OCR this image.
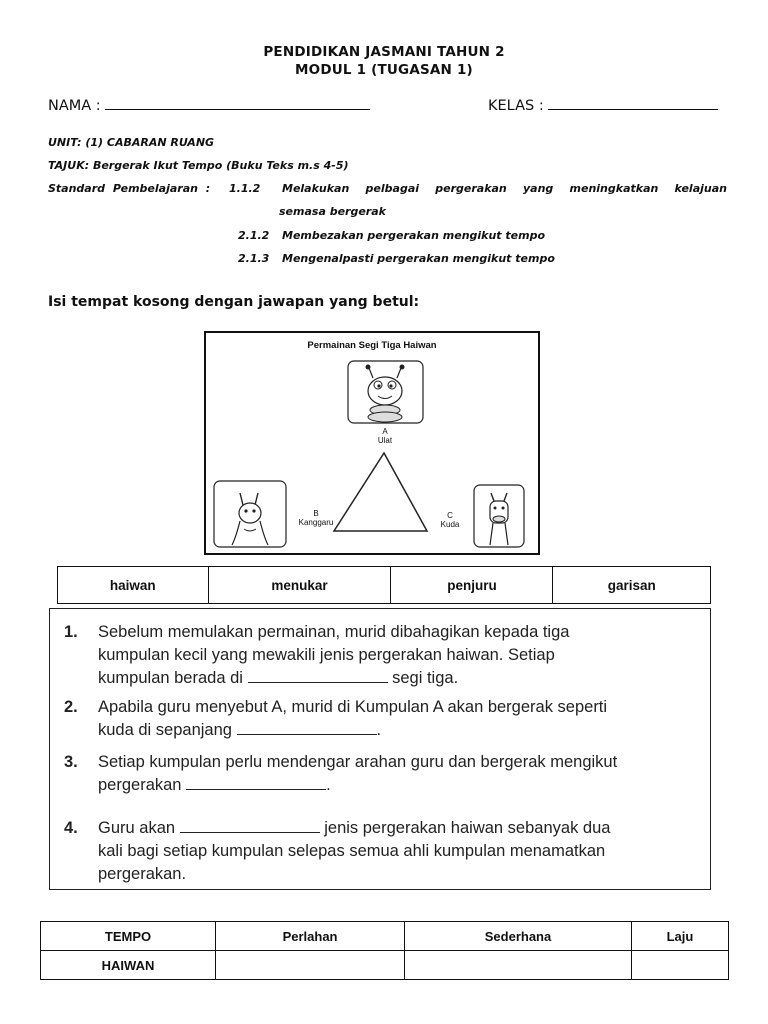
PENDIDIKAN JASMANI TAHUN 2
MODUL 1 (TUGASAN 1)
NAMA :	KELAS :
UNIT: (1) CABARAN RUANG
TAJUK: Bergerak Ikut Tempo (Buku Teks m.s 4-5)
Standard Pembelajaran : 1.1.2 Melakukan pelbagai pergerakan yang meningkatkan kelajuan
semasa bergerak
2.1.2 Membezakan pergerakan mengikut tempo
2.1.3 Mengenalpasti pergerakan mengikut tempo
Isi tempat kosong dengan jawapan yang betul:
Permainan Segi Tiga Haiwan
A
Ulat
B
Kanggaru
C
Kuda
haiwan	menukar	penjuru	garisan
1.	Sebelum memulakan permainan, murid dibahagikan kepada tiga
kumpulan kecil yang mewakili jenis pergerakan haiwan. Setiap
kumpulan berada di	segi tiga.
2.	Apabila guru menyebut A, murid di Kumpulan A akan bergerak seperti
kuda di sepanjang	.
3.	Setiap kumpulan perlu mendengar arahan guru dan bergerak mengikut
pergerakan	.
4.	Guru akan	jenis pergerakan haiwan sebanyak dua
kali bagi setiap kumpulan selepas semua ahli kumpulan menamatkan
pergerakan.
TEMPO	Perlahan	Sederhana	Laju
HAIWAN			
